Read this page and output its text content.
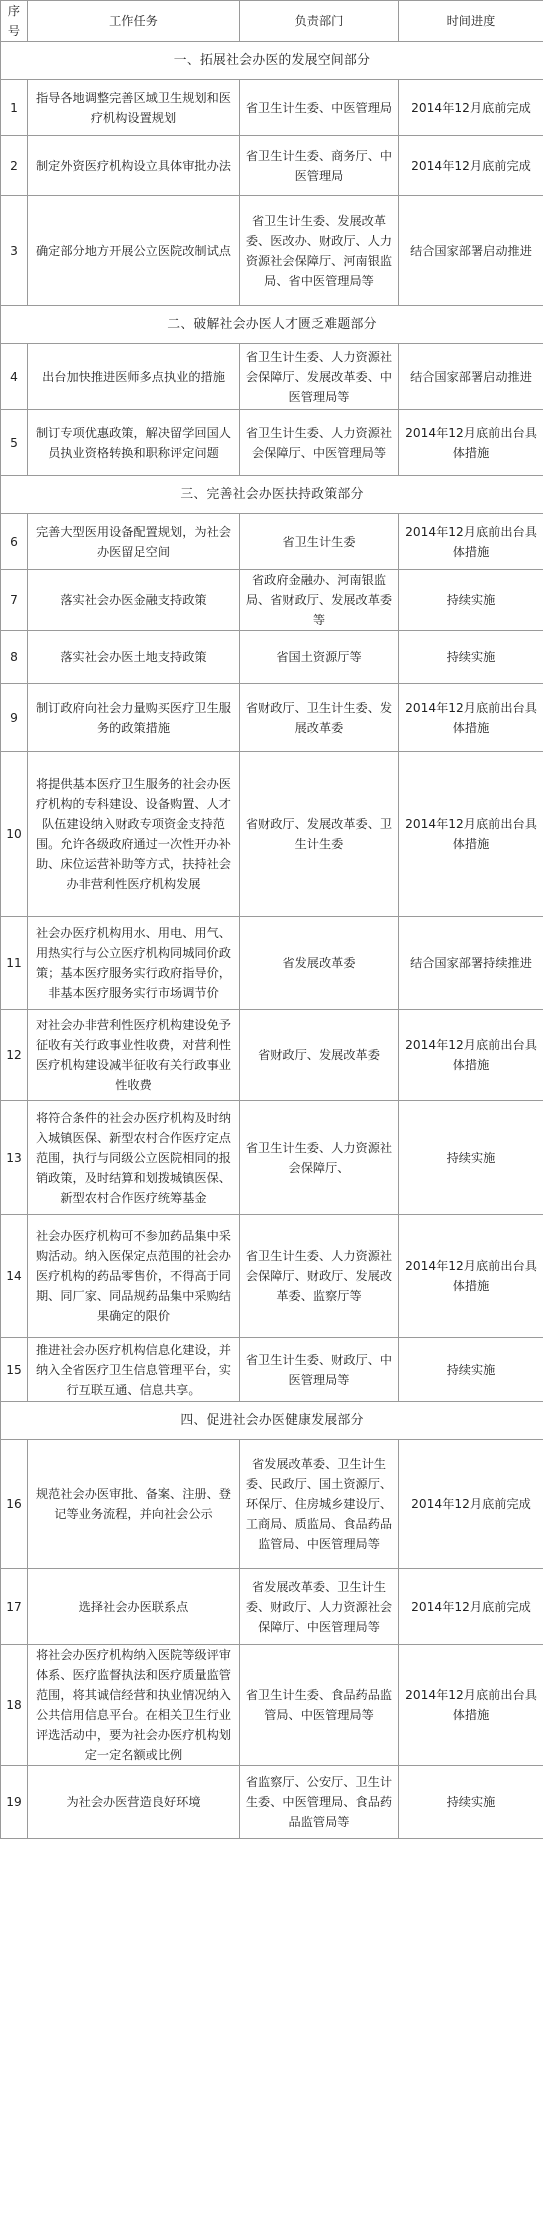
序号	工作任务	负责部门	时间进度
一、拓展社会办医的发展空间部分			
1	指导各地调整完善区域卫生规划和医疗机构设置规划	省卫生计生委、中医管理局	2014年12月底前完成
2	制定外资医疗机构设立具体审批办法	省卫生计生委、商务厅、中医管理局	2014年12月底前完成
3	确定部分地方开展公立医院改制试点	省卫生计生委、发展改革委、医改办、财政厅、人力资源社会保障厅、河南银监局、省中医管理局等	结合国家部署启动推进
二、破解社会办医人才匮乏难题部分			
4	出台加快推进医师多点执业的措施	省卫生计生委、人力资源社会保障厅、发展改革委、中医管理局等	结合国家部署启动推进
5	制订专项优惠政策，解决留学回国人员执业资格转换和职称评定问题	省卫生计生委、人力资源社会保障厅、中医管理局等	2014年12月底前出台具体措施
三、完善社会办医扶持政策部分			
6	完善大型医用设备配置规划，为社会办医留足空间	省卫生计生委	2014年12月底前出台具体措施
7	落实社会办医金融支持政策	省政府金融办、河南银监局、省财政厅、发展改革委等	持续实施
8	落实社会办医土地支持政策	省国土资源厅等	持续实施
9	制订政府向社会力量购买医疗卫生服务的政策措施	省财政厅、卫生计生委、发展改革委	2014年12月底前出台具体措施
10	将提供基本医疗卫生服务的社会办医疗机构的专科建设、设备购置、人才队伍建设纳入财政专项资金支持范围。允许各级政府通过一次性开办补助、床位运营补助等方式，扶持社会办非营利性医疗机构发展	省财政厅、发展改革委、卫生计生委	2014年12月底前出台具体措施
11	社会办医疗机构用水、用电、用气、用热实行与公立医疗机构同城同价政策；基本医疗服务实行政府指导价，非基本医疗服务实行市场调节价	省发展改革委	结合国家部署持续推进
12	对社会办非营利性医疗机构建设免予征收有关行政事业性收费，对营利性医疗机构建设减半征收有关行政事业性收费	省财政厅、发展改革委	2014年12月底前出台具体措施
13	将符合条件的社会办医疗机构及时纳入城镇医保、新型农村合作医疗定点范围，执行与同级公立医院相同的报销政策，及时结算和划拨城镇医保、新型农村合作医疗统筹基金	省卫生计生委、人力资源社会保障厅、	持续实施
14	社会办医疗机构可不参加药品集中采购活动。纳入医保定点范围的社会办医疗机构的药品零售价，不得高于同期、同厂家、同品规药品集中采购结果确定的限价	省卫生计生委、人力资源社会保障厅、财政厅、发展改革委、监察厅等	2014年12月底前出台具体措施
15	推进社会办医疗机构信息化建设，并纳入全省医疗卫生信息管理平台，实行互联互通、信息共享。	省卫生计生委、财政厅、中医管理局等	持续实施
四、促进社会办医健康发展部分			
16	规范社会办医审批、备案、注册、登记等业务流程，并向社会公示	省发展改革委、卫生计生委、民政厅、国土资源厅、环保厅、住房城乡建设厅、工商局、质监局、食品药品监管局、中医管理局等	2014年12月底前完成
17	选择社会办医联系点	省发展改革委、卫生计生委、财政厅、人力资源社会保障厅、中医管理局等	2014年12月底前完成
18	将社会办医疗机构纳入医院等级评审体系、医疗监督执法和医疗质量监管范围，将其诚信经营和执业情况纳入公共信用信息平台。在相关卫生行业评选活动中，要为社会办医疗机构划定一定名额或比例	省卫生计生委、食品药品监管局、中医管理局等	2014年12月底前出台具体措施
19	为社会办医营造良好环境	省监察厅、公安厅、卫生计生委、中医管理局、食品药品监管局等	持续实施
